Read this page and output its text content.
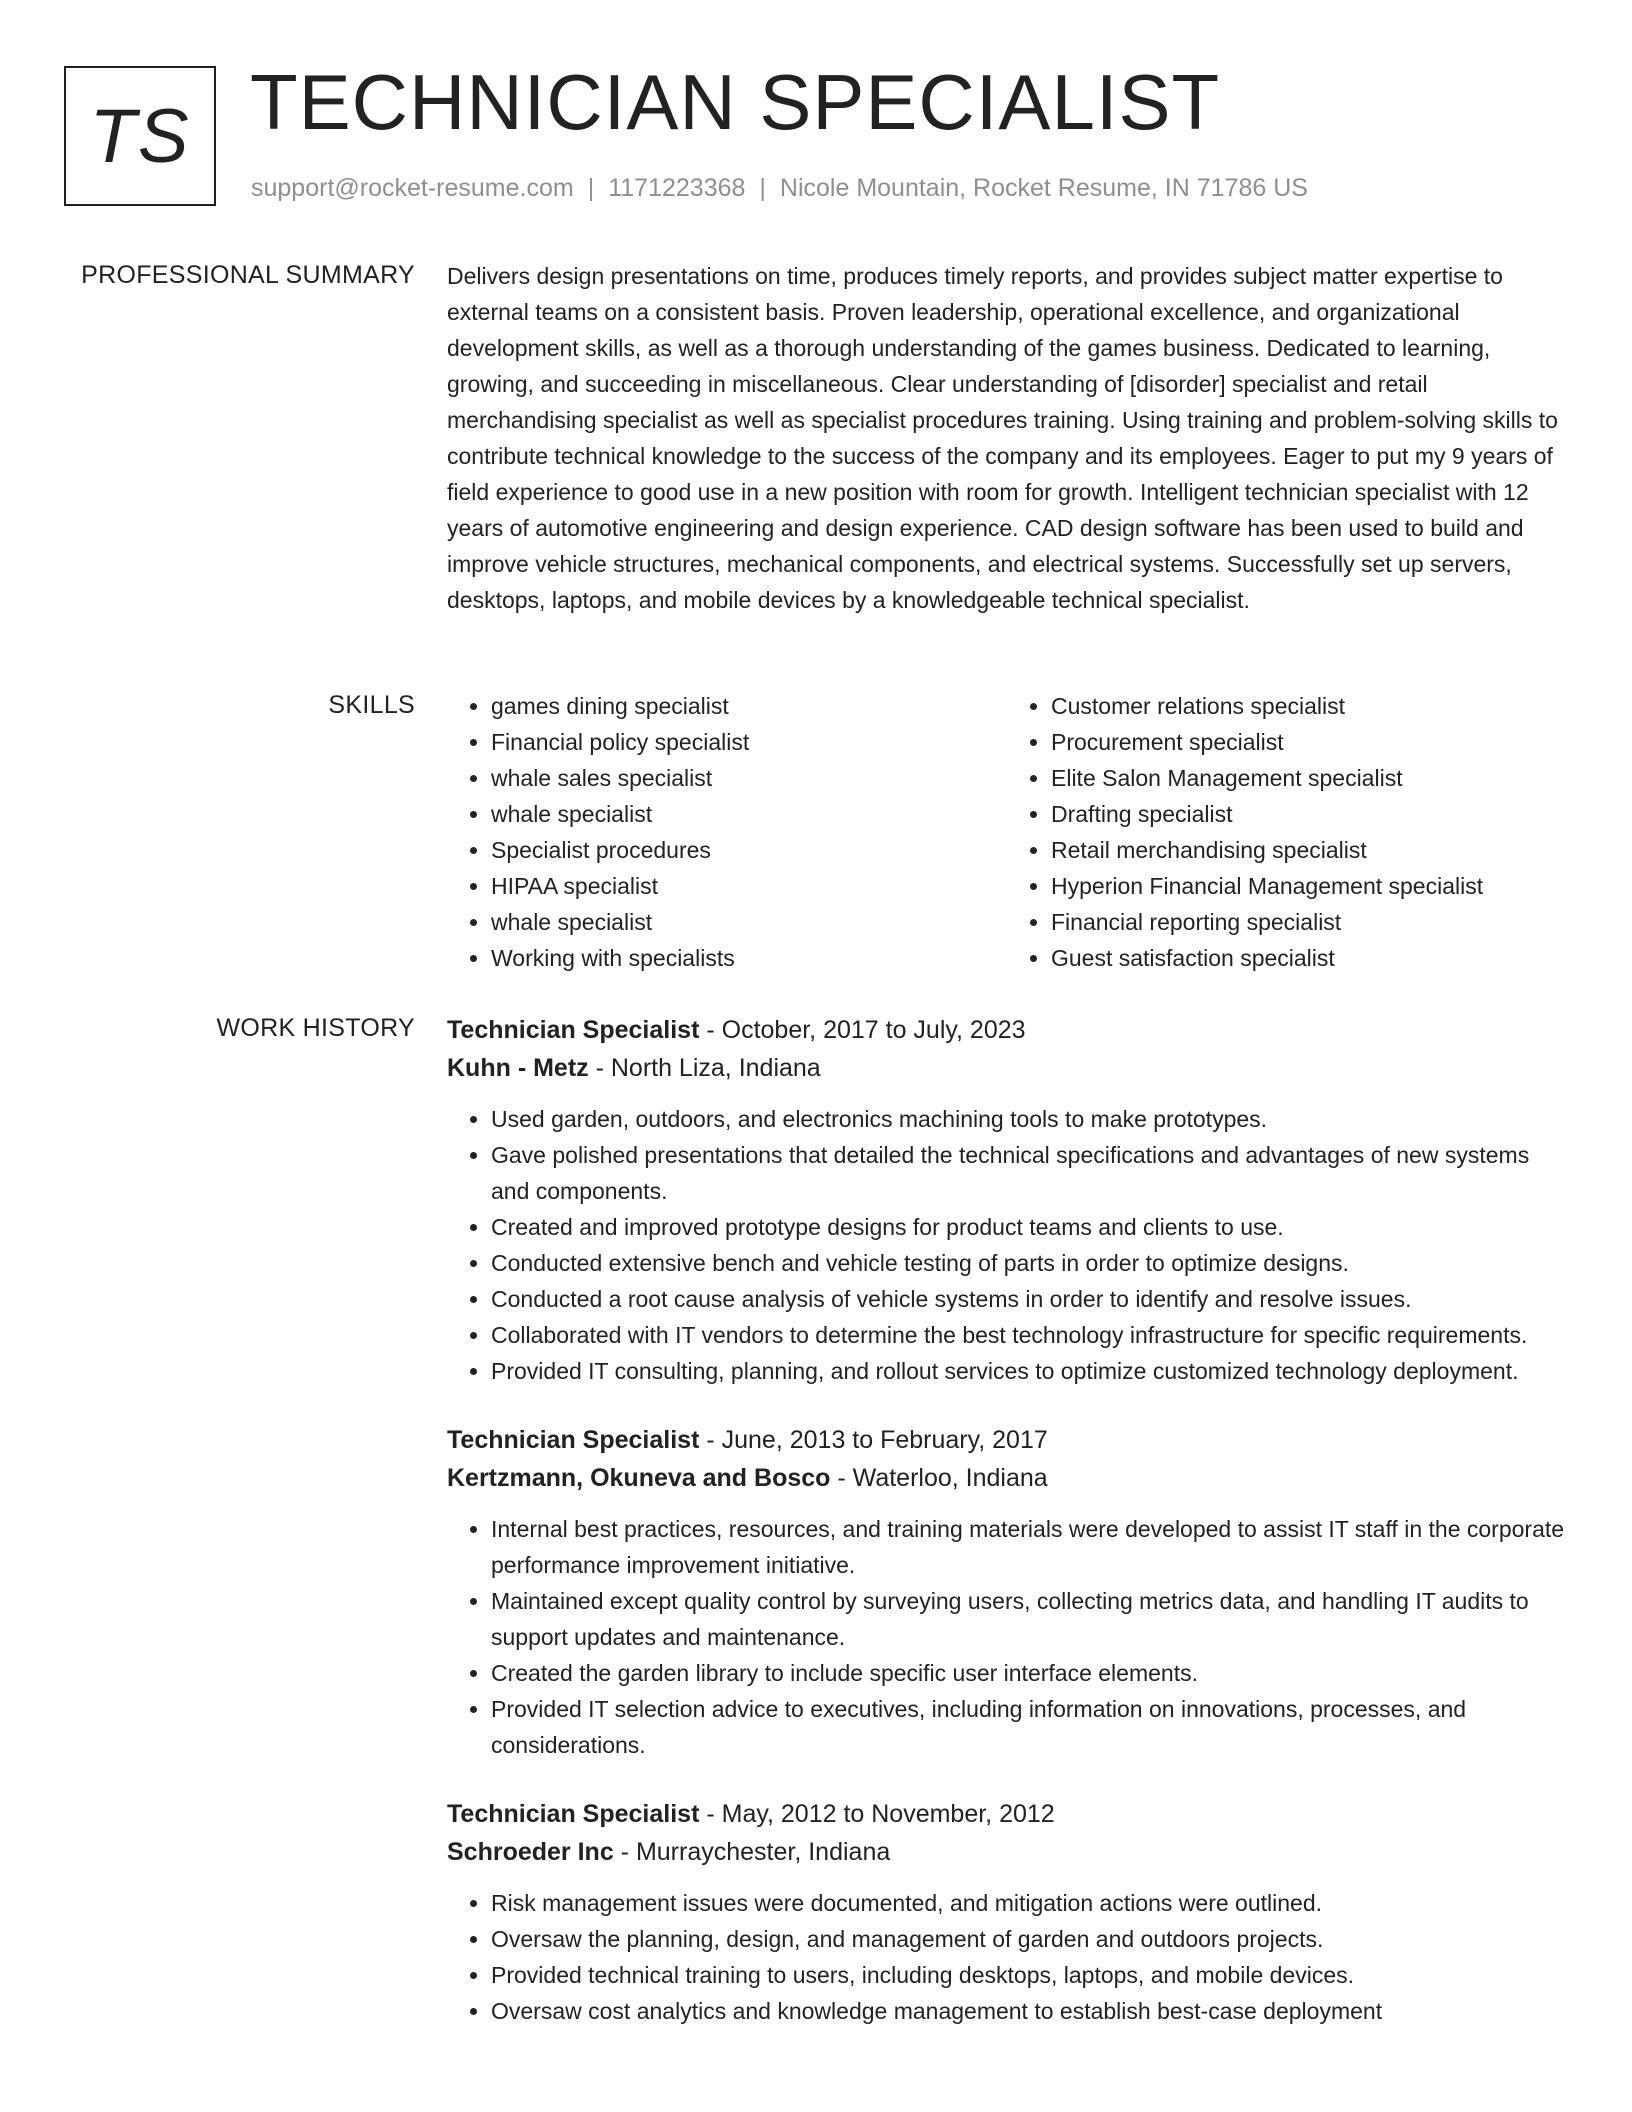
TS TECHNICIAN SPECIALIST
support@rocket-resume.com | 1171223368 | Nicole Mountain, Rocket Resume, IN 71786 US
PROFESSIONAL SUMMARY Delivers design presentations on time, produces timely reports, and provides subject matter expertise to external teams on a consistent basis. Proven leadership, operational excellence, and organizational development skills, as well as a thorough understanding of the games business. Dedicated to learning, growing, and succeeding in miscellaneous. Clear understanding of [disorder] specialist and retail merchandising specialist as well as specialist procedures training. Using training and problem-solving skills to contribute technical knowledge to the success of the company and its employees. Eager to put my 9 years of field experience to good use in a new position with room for growth. Intelligent technician specialist with 12 years of automotive engineering and design experience. CAD design software has been used to build and improve vehicle structures, mechanical components, and electrical systems. Successfully set up servers, desktops, laptops, and mobile devices by a knowledgeable technical specialist.

SKILLS
•	games dining specialist
• Financial policy specialist
• whale sales specialist
• whale specialist
• Specialist procedures
• HIPAA specialist
• whale specialist
• Working with specialists
• Customer relations specialist
• Procurement specialist
• Elite Salon Management specialist
• Drafting specialist
• Retail merchandising specialist
• Hyperion Financial Management specialist
• Financial reporting specialist
• Guest satisfaction specialist
WORK HISTORY Technician Specialist - October, 2017 to July, 2023
Kuhn - Metz - North Liza, Indiana
• Used garden, outdoors, and electronics machining tools to make prototypes.
• Gave polished presentations that detailed the technical specifications and advantages of new systems and components.
• Created and improved prototype designs for product teams and clients to use.
• Conducted extensive bench and vehicle testing of parts in order to optimize designs.
• Conducted a root cause analysis of vehicle systems in order to identify and resolve issues.
• Collaborated with IT vendors to determine the best technology infrastructure for specific requirements.
• Provided IT consulting, planning, and rollout services to optimize customized technology deployment.
Technician Specialist - June, 2013 to February, 2017
Kertzmann, Okuneva and Bosco - Waterloo, Indiana
• Internal best practices, resources, and training materials were developed to assist IT staff in the corporate performance improvement initiative.
• Maintained except quality control by surveying users, collecting metrics data, and handling IT audits to support updates and maintenance.
• Created the garden library to include specific user interface elements.
• Provided IT selection advice to executives, including information on innovations, processes, and considerations.
Technician Specialist - May, 2012 to November, 2012
Schroeder Inc - Murraychester, Indiana
• Risk management issues were documented, and mitigation actions were outlined.
• Oversaw the planning, design, and management of garden and outdoors projects.
• Provided technical training to users, including desktops, laptops, and mobile devices.
• Oversaw cost analytics and knowledge management to establish best-case deployment
